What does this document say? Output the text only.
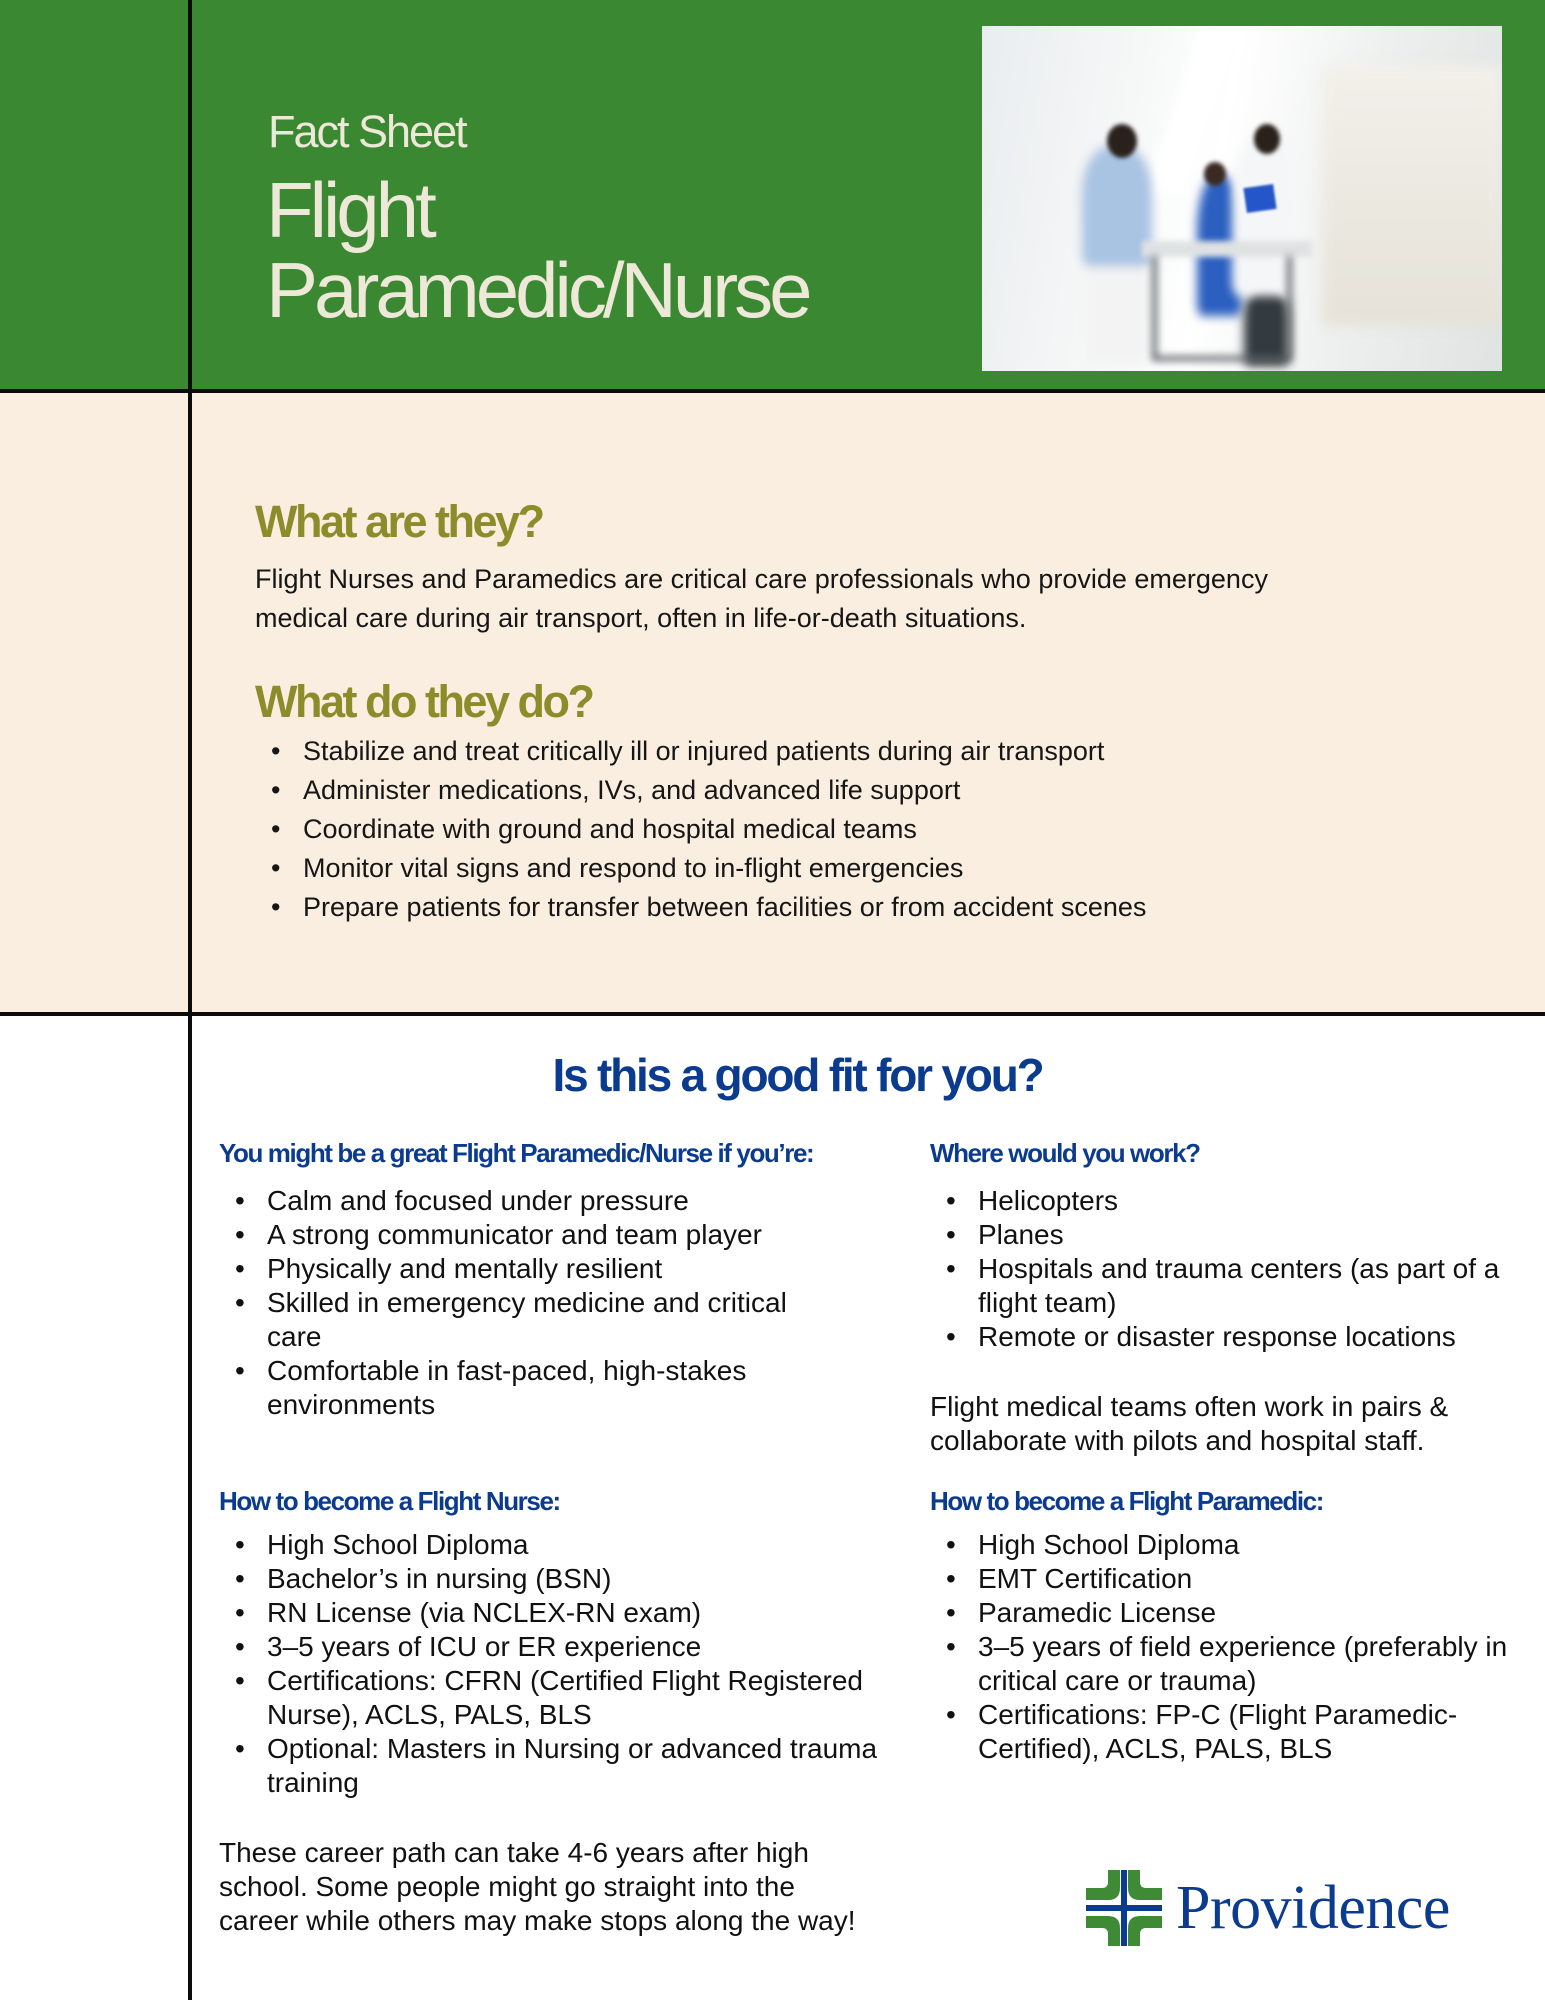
Fact Sheet
Flight
Paramedic/Nurse
What are they?
Flight Nurses and Paramedics are critical care professionals who provide emergency medical care during air transport, often in life-or-death situations.
What do they do?
• Stabilize and treat critically ill or injured patients during air transport
• Administer medications, IVs, and advanced life support
• Coordinate with ground and hospital medical teams
• Monitor vital signs and respond to in-flight emergencies
• Prepare patients for transfer between facilities or from accident scenes
Is this a good fit for you?
You might be a great Flight Paramedic/Nurse if you’re:
• Calm and focused under pressure
• A strong communicator and team player
• Physically and mentally resilient
• Skilled in emergency medicine and critical care
• Comfortable in fast-paced, high-stakes environments
Where would you work?
• Helicopters
• Planes
• Hospitals and trauma centers (as part of a flight team)
• Remote or disaster response locations
Flight medical teams often work in pairs & collaborate with pilots and hospital staff.
How to become a Flight Nurse:
• High School Diploma
• Bachelor’s in nursing (BSN)
• RN License (via NCLEX-RN exam)
• 3–5 years of ICU or ER experience
• Certifications: CFRN (Certified Flight Registered Nurse), ACLS, PALS, BLS
• Optional: Masters in Nursing or advanced trauma training
How to become a Flight Paramedic:
• High School Diploma
• EMT Certification
• Paramedic License
• 3–5 years of field experience (preferably in critical care or trauma)
• Certifications: FP-C (Flight Paramedic-Certified), ACLS, PALS, BLS
These career path can take 4-6 years after high school. Some people might go straight into the career while others may make stops along the way!	Providence
